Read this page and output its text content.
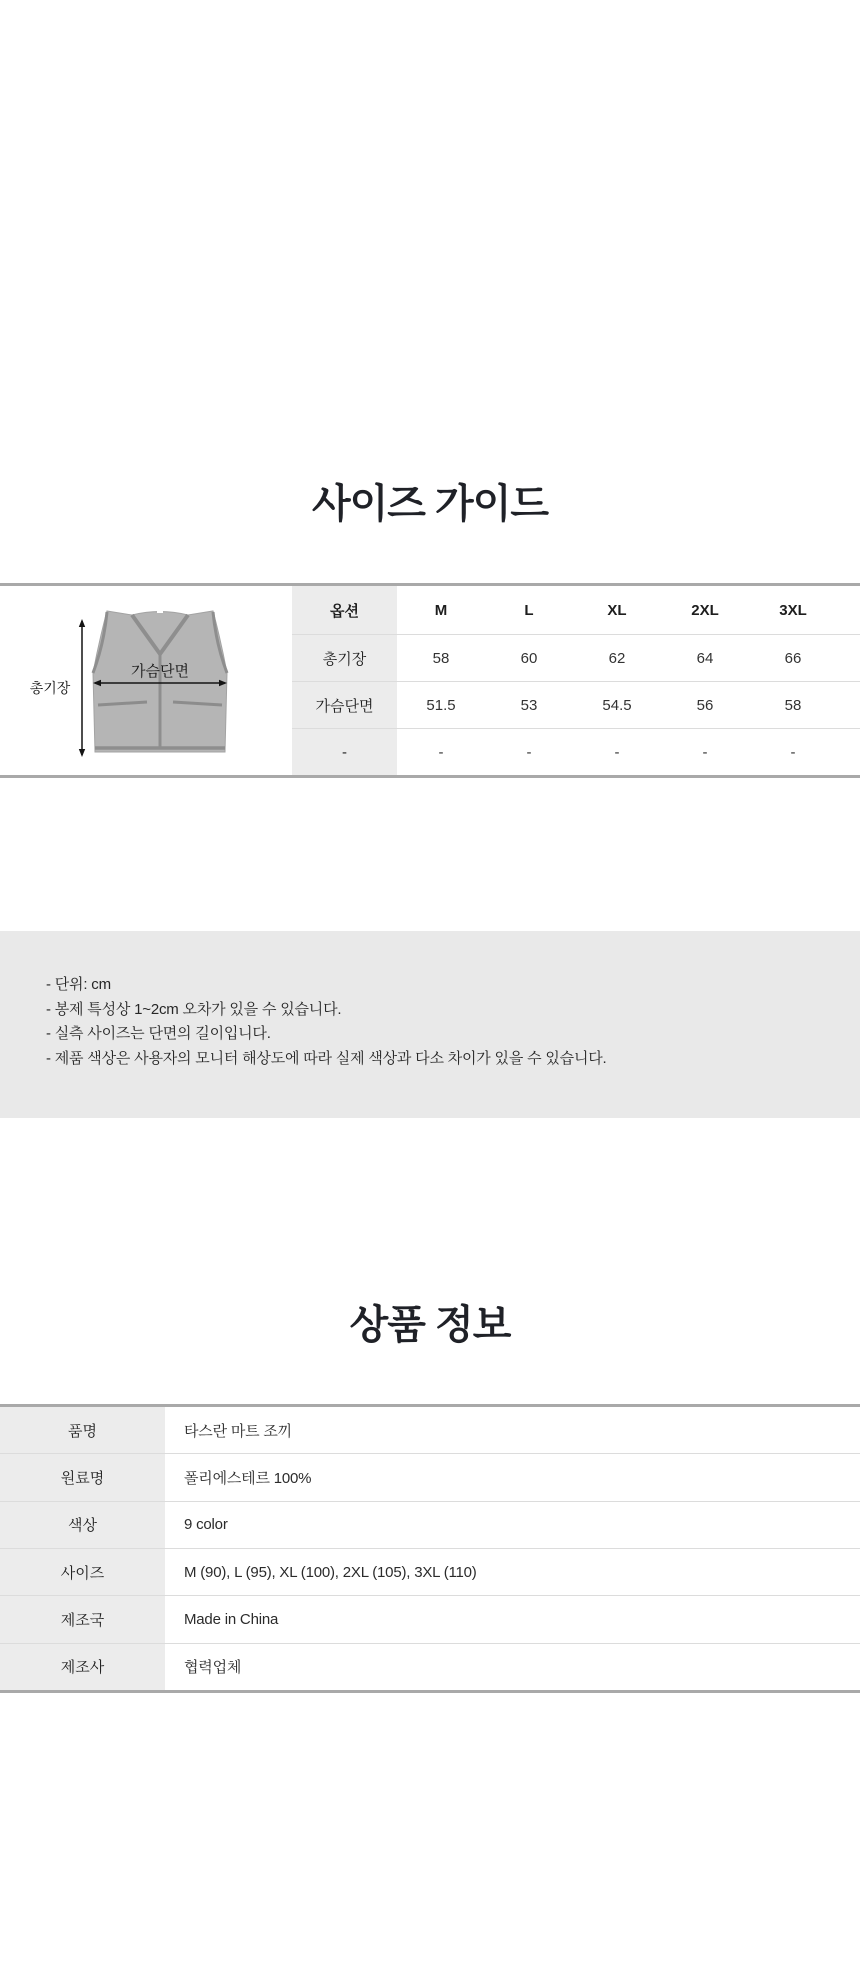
사이즈 가이드
총기장
가슴단면
옵션	M	L	XL	2XL	3XL
총기장	58	60	62	64	66
가슴단면	51.5	53	54.5	56	58
-	-	-	-	-	-
- 단위: cm
- 봉제 특성상 1~2cm 오차가 있을 수 있습니다.
- 실측 사이즈는 단면의 길이입니다.
- 제품 색상은 사용자의 모니터 해상도에 따라 실제 색상과 다소 차이가 있을 수 있습니다.
상품 정보
품명	타스란 마트 조끼
원료명	폴리에스테르 100%
색상	9 color
사이즈	M (90), L (95), XL (100), 2XL (105), 3XL (110)
제조국	Made in China
제조사	협력업체
